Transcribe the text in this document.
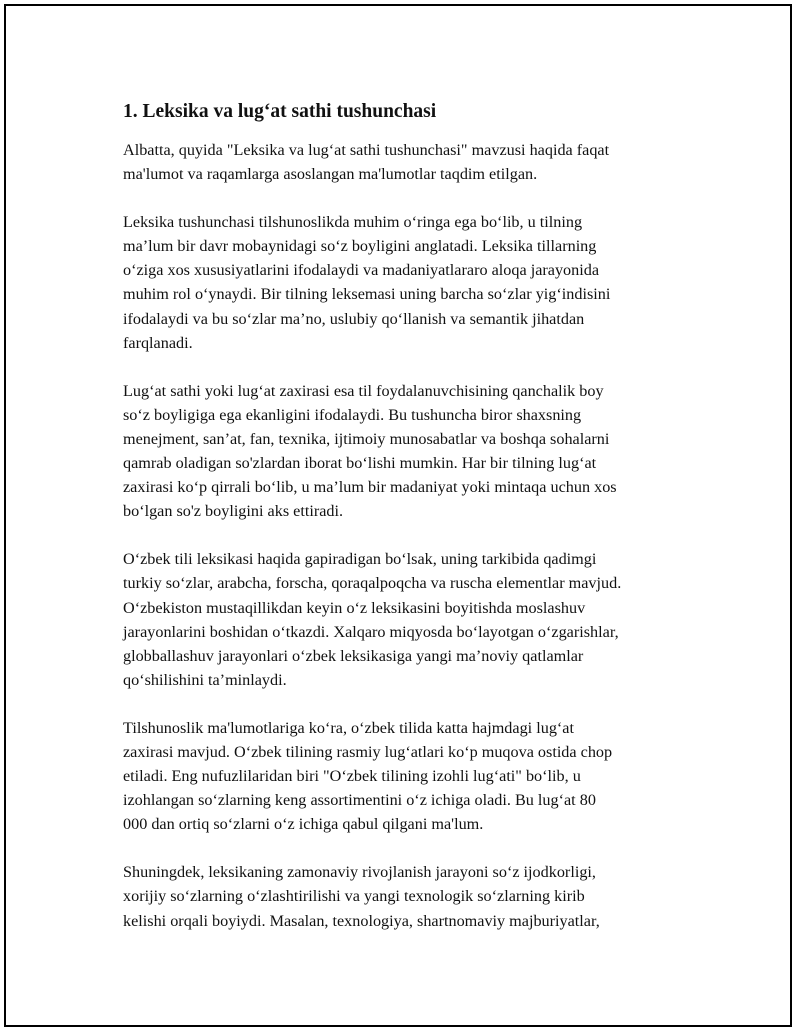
1. Leksika va lug‘at sathi tushunchasi

Albatta, quyida "Leksika va lug‘at sathi tushunchasi" mavzusi haqida faqat
ma'lumot va raqamlarga asoslangan ma'lumotlar taqdim etilgan.

Leksika tushunchasi tilshunoslikda muhim o‘ringa ega bo‘lib, u tilning
ma’lum bir davr mobaynidagi so‘z boyligini anglatadi. Leksika tillarning
o‘ziga xos xususiyatlarini ifodalaydi va madaniyatlararo aloqa jarayonida
muhim rol o‘ynaydi. Bir tilning leksemasi uning barcha so‘zlar yig‘indisini
ifodalaydi va bu so‘zlar ma’no, uslubiy qo‘llanish va semantik jihatdan
farqlanadi.

Lug‘at sathi yoki lug‘at zaxirasi esa til foydalanuvchisining qanchalik boy
so‘z boyligiga ega ekanligini ifodalaydi. Bu tushuncha biror shaxsning
menejment, san’at, fan, texnika, ijtimoiy munosabatlar va boshqa sohalarni
qamrab oladigan so'zlardan iborat bo‘lishi mumkin. Har bir tilning lug‘at
zaxirasi ko‘p qirrali bo‘lib, u ma’lum bir madaniyat yoki mintaqa uchun xos
bo‘lgan so'z boyligini aks ettiradi.

O‘zbek tili leksikasi haqida gapiradigan bo‘lsak, uning tarkibida qadimgi
turkiy so‘zlar, arabcha, forscha, qoraqalpoqcha va ruscha elementlar mavjud.
O‘zbekiston mustaqillikdan keyin o‘z leksikasini boyitishda moslashuv
jarayonlarini boshidan o‘tkazdi. Xalqaro miqyosda bo‘layotgan o‘zgarishlar,
globballashuv jarayonlari o‘zbek leksikasiga yangi ma’noviy qatlamlar
qo‘shilishini ta’minlaydi.

Tilshunoslik ma'lumotlariga ko‘ra, o‘zbek tilida katta hajmdagi lug‘at
zaxirasi mavjud. O‘zbek tilining rasmiy lug‘atlari ko‘p muqova ostida chop
etiladi. Eng nufuzlilaridan biri "O‘zbek tilining izohli lug‘ati" bo‘lib, u
izohlangan so‘zlarning keng assortimentini o‘z ichiga oladi. Bu lug‘at 80
000 dan ortiq so‘zlarni o‘z ichiga qabul qilgani ma'lum.

Shuningdek, leksikaning zamonaviy rivojlanish jarayoni so‘z ijodkorligi,
xorijiy so‘zlarning o‘zlashtirilishi va yangi texnologik so‘zlarning kirib
kelishi orqali boyiydi. Masalan, texnologiya, shartnomaviy majburiyatlar,
